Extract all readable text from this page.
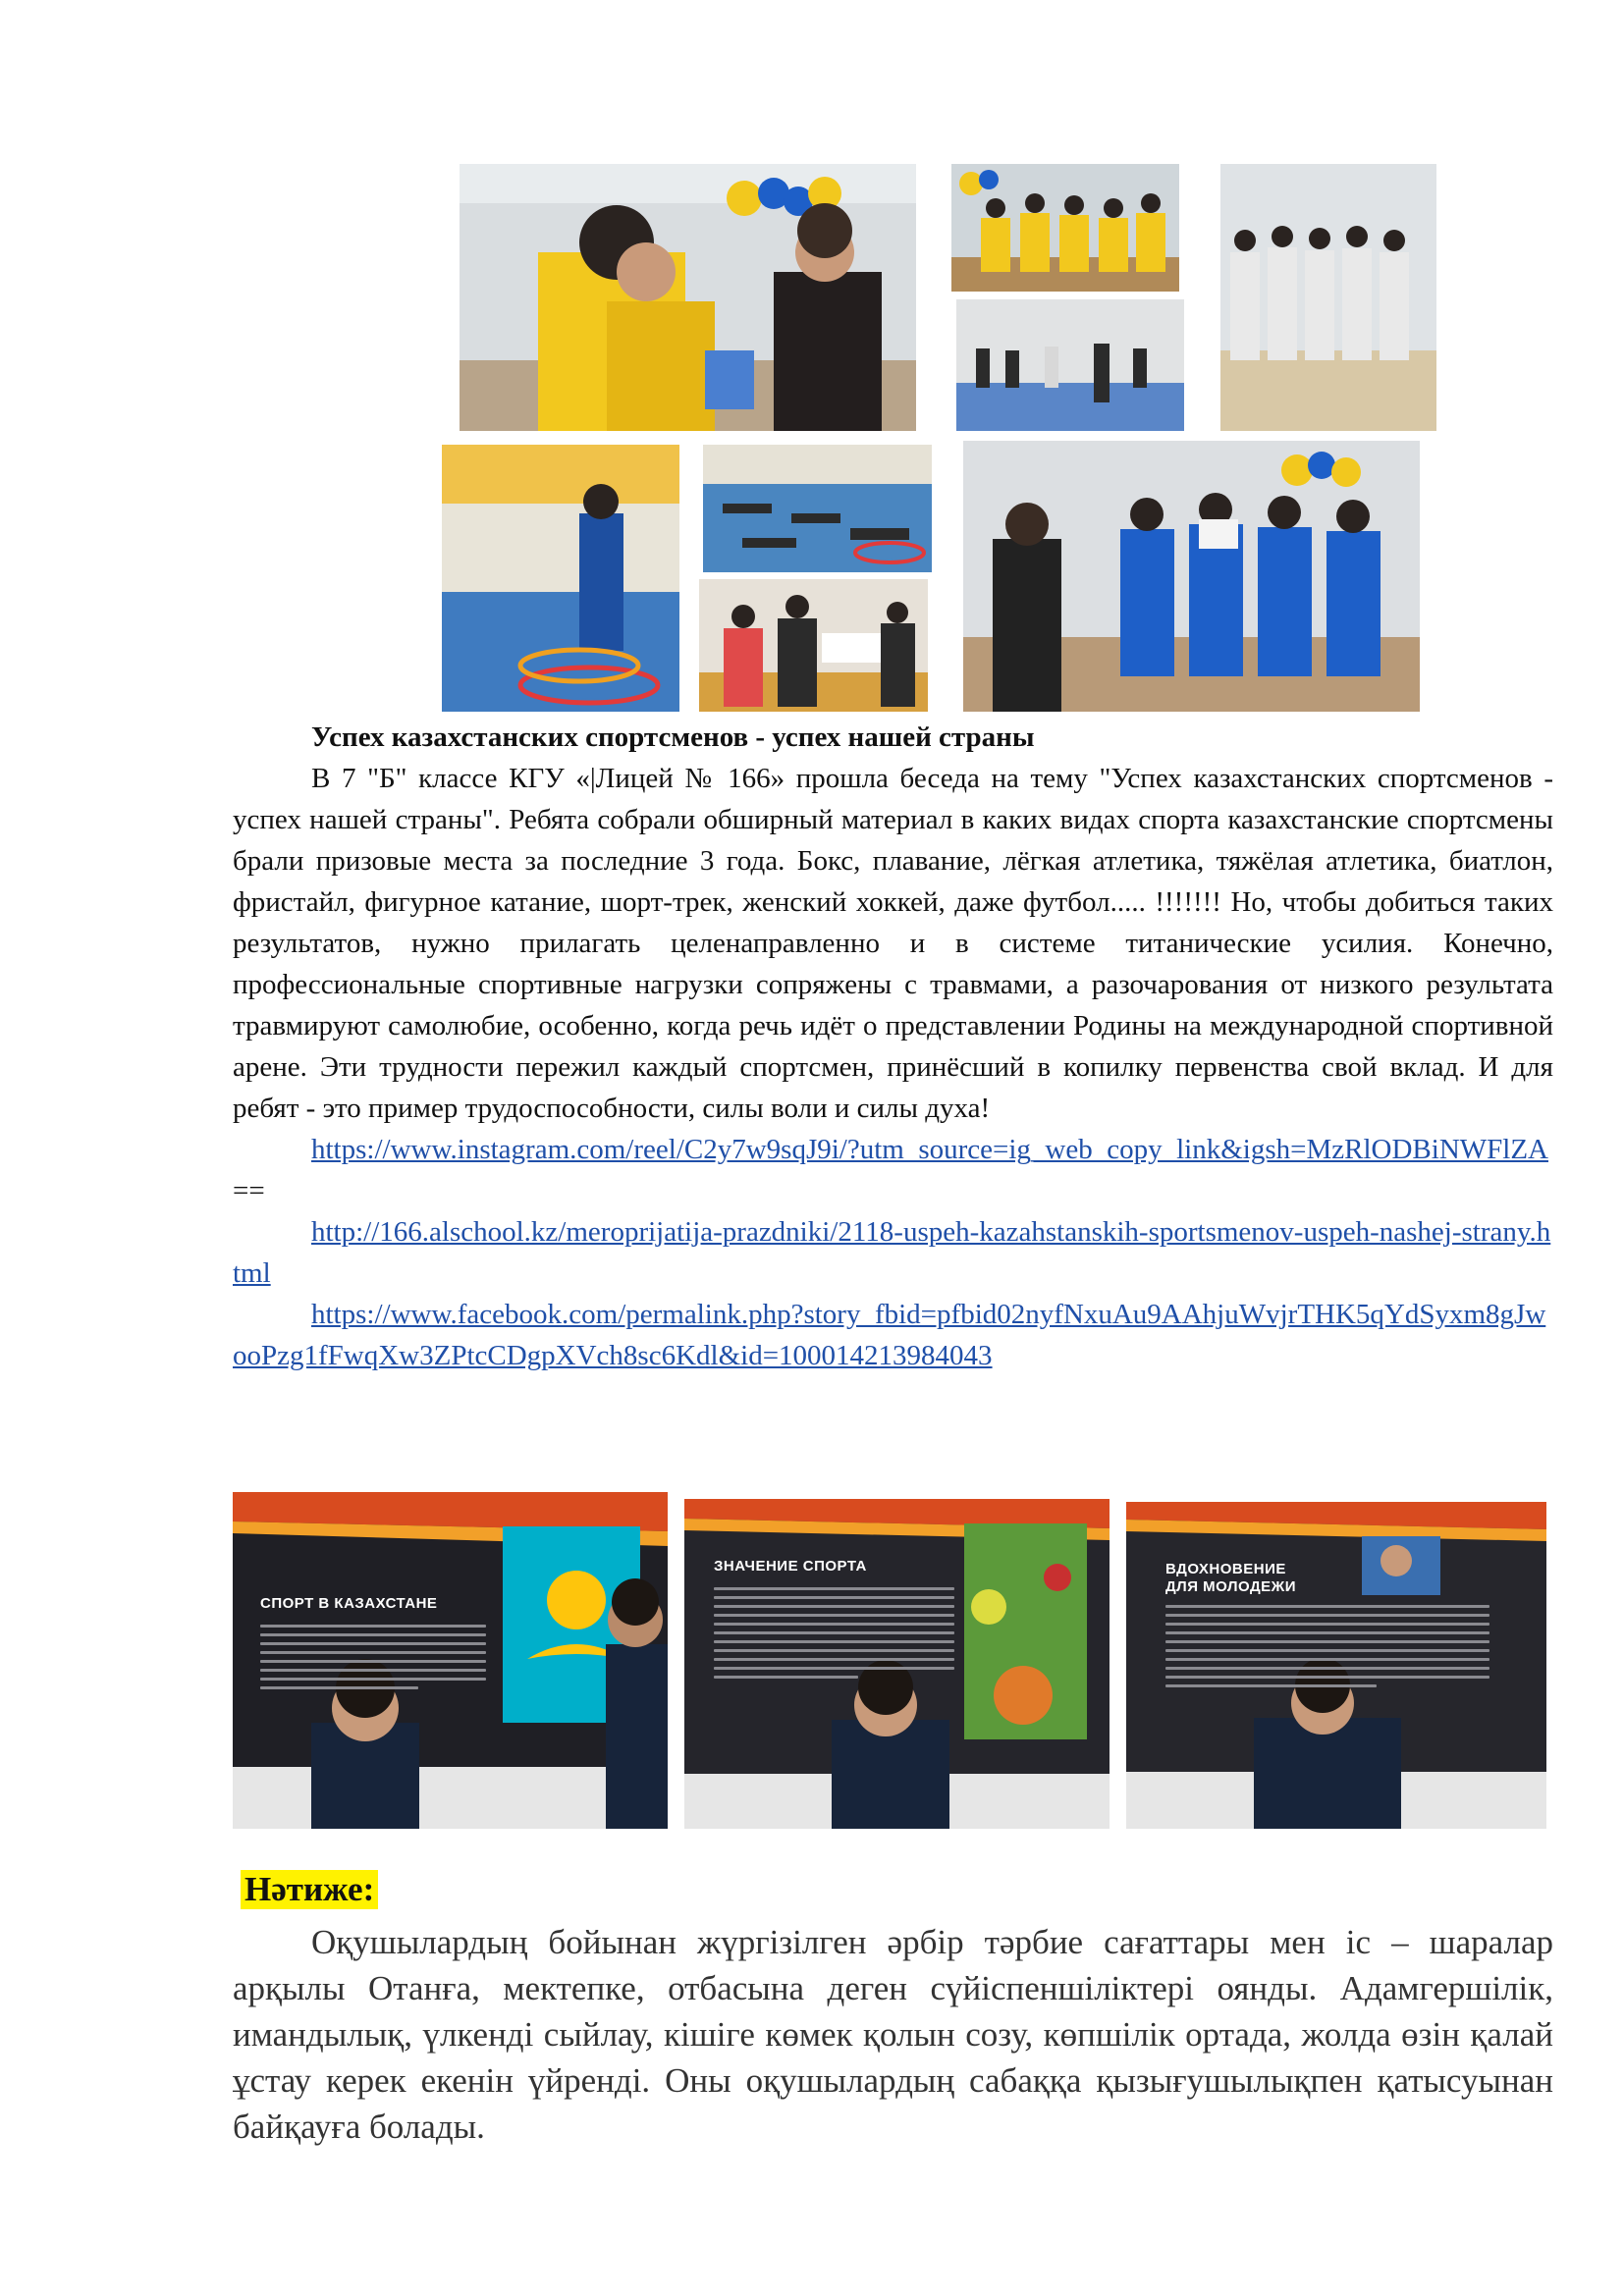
Успех казахстанских спортсменов - успех нашей страны
В 7 "Б" классе КГУ «|Лицей № 166» прошла беседа на тему "Успех казахстанских спортсменов - успех нашей страны". Ребята собрали обширный материал в каких видах спорта казахстанские спортсмены брали призовые места за последние 3 года. Бокс, плавание, лёгкая атлетика, тяжёлая атлетика, биатлон, фристайл, фигурное катание, шорт-трек, женский хоккей, даже футбол..... !!!!!!! Но, чтобы добиться таких результатов, нужно прилагать целенаправленно и в системе титанические усилия. Конечно, профессиональные спортивные нагрузки сопряжены с травмами, а разочарования от низкого результата травмируют самолюбие, особенно, когда речь идёт о представлении Родины на международной спортивной арене. Эти трудности пережил каждый спортсмен, принёсший в копилку первенства свой вклад. И для ребят - это пример трудоспособности, силы воли и силы духа!
https://www.instagram.com/reel/C2y7w9sqJ9i/?utm_source=ig_web_copy_link&igsh=MzRlODBiNWFlZA==
http://166.alschool.kz/meroprijatija-prazdniki/2118-uspeh-kazahstanskih-sportsmenov-uspeh-nashej-strany.html
https://www.facebook.com/permalink.php?story_fbid=pfbid02nyfNxuAu9AAhjuWvjrTHK5qYdSyxm8gJwooPzg1fFwqXw3ZPtcCDgpXVch8sc6Kdl&id=100014213984043
СПОРТ В КАЗАХСТАНЕ
ЗНАЧЕНИЕ СПОРТА	ВДОХНОВЕНИЕ ДЛЯ МОЛОДЕЖИ
Нәтиже:
Оқушылардың бойынан жүргізілген әрбір тәрбие сағаттары мен іс – шаралар арқылы Отанға, мектепке, отбасына деген сүйіспеншіліктері оянды. Адамгершілік, имандылық, үлкенді сыйлау, кішіге көмек қолын созу, көпшілік ортада, жолда өзін қалай ұстау керек екенін үйренді. Оны оқушылардың сабаққа қызығушылықпен қатысуынан байқауға болады.
